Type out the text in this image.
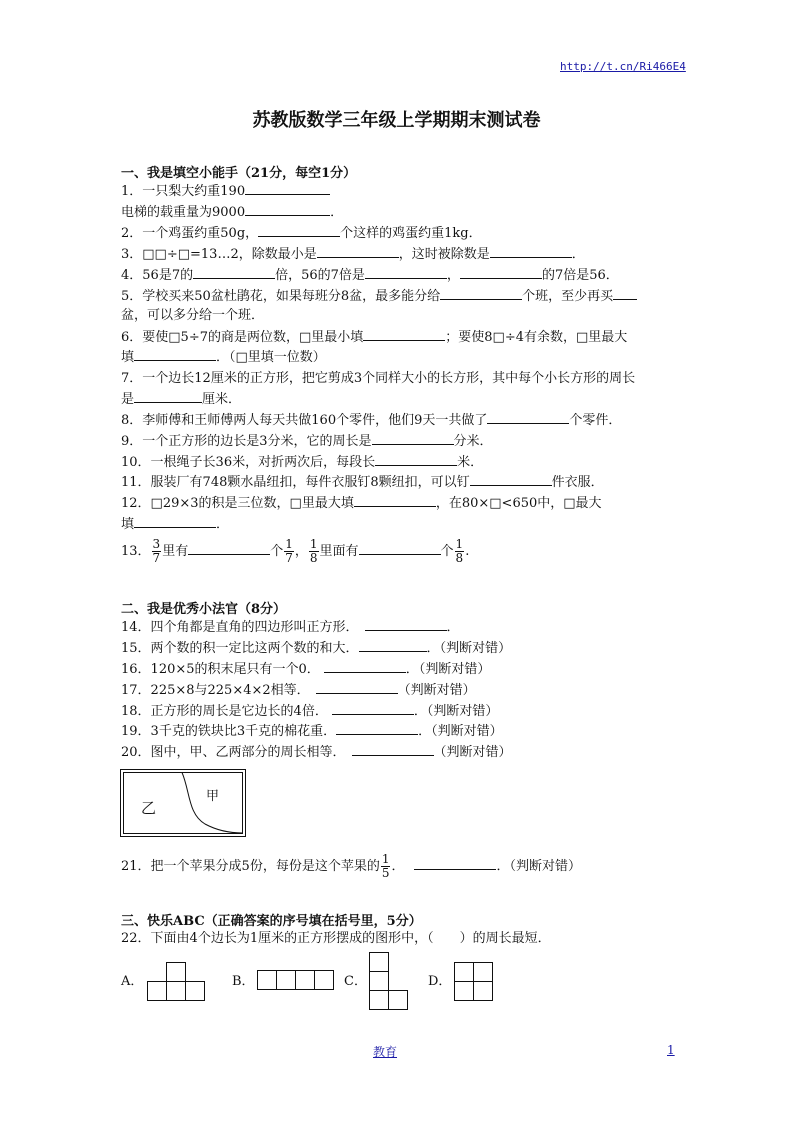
http://t.cn/Ri466E4
苏教版数学三年级上学期期末测试卷
一、我是填空小能手（21分，每空1分）
1．一只梨大约重190
电梯的载重量为9000	．
2．一个鸡蛋约重50g，	个这样的鸡蛋约重1kg．
3．□□÷□=13…2，除数最小是	，这时被除数是	．
4．56是7的	倍，56的7倍是	，	的7倍是56．
5．学校买来50盆杜鹃花，如果每班分8盆，最多能分给	个班，至少再买
盆，可以多分给一个班．
6．要使□5÷7的商是两位数，□里最小填	；要使8□÷4有余数，□里最大
填	．（□里填一位数）
7．一个边长12厘米的正方形，把它剪成3个同样大小的长方形，其中每个小长方形的周长
是	厘米．
8．李师傅和王师傅两人每天共做160个零件，他们9天一共做了	个零件．
9．一个正方形的边长是3分米，它的周长是	分米．
10．一根绳子长36米，对折两次后，每段长	米．
11．服装厂有748颗水晶纽扣，每件衣服钉8颗纽扣，可以钉	件衣服．
12．□29×3的积是三位数，□里最大填	，在80×□<650中，□最大
填	．
13． $\frac{3}{7}$ 里有	个 $\frac{1}{7}$ ， $\frac{1}{8}$ 里面有	个 $\frac{1}{8}$ .
二、我是优秀小法官（8分）
14．四个角都是直角的四边形叫正方形．	．
15．两个数的积一定比这两个数的和大．	．（判断对错）
16．120×5的积末尾只有一个0．	．（判断对错）
17．225×8与225×4×2相等．	（判断对错）
18．正方形的周长是它边长的4倍．	．（判断对错）
19．3千克的铁块比3千克的棉花重．	．（判断对错）
20．图中，甲、乙两部分的周长相等．	（判断对错）
乙
甲
21．把一个苹果分成5份，每份是这个苹果的 $\frac{1}{5}$ ．	．（判断对错）
三、快乐ABC（正确答案的序号填在括号里，5分）
22．下面由4个边长为1厘米的正方形摆成的图形中，（　　）的周长最短．
A．	B．	C．	D．
教育	1
